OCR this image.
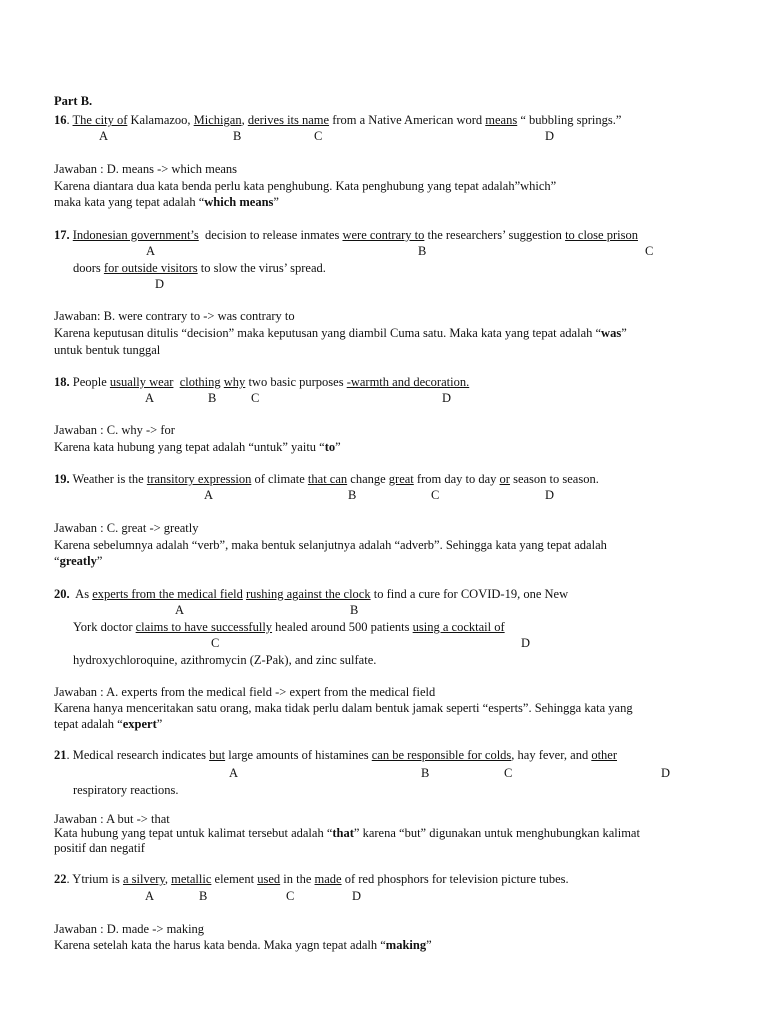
Part B.
16. The city of Kalamazoo, Michigan, derives its name from a Native American word means “ bubbling springs.”
A	B	C	D
Jawaban : D. means -> which means
Karena diantara dua kata benda perlu kata penghubung. Kata penghubung yang tepat adalah”which”
maka kata yang tepat adalah “which means”
17. Indonesian government’s  decision to release inmates were contrary to the researchers’ suggestion to close prison
A	B	C
doors for outside visitors to slow the virus’ spread.
D
Jawaban: B. were contrary to -> was contrary to
Karena keputusan ditulis “decision” maka keputusan yang diambil Cuma satu. Maka kata yang tepat adalah “was”
untuk bentuk tunggal
18. People usually wear clothing why two basic purposes -warmth and decoration.
A	B	C	D
Jawaban : C. why -> for
Karena kata hubung yang tepat adalah “untuk” yaitu “to”
19. Weather is the transitory expression of climate that can change great from day to day or season to season.
A	B	C	D
Jawaban : C. great -> greatly
Karena sebelumnya adalah “verb”, maka bentuk selanjutnya adalah “adverb”. Sehingga kata yang tepat adalah
“greatly”
20.  As experts from the medical field rushing against the clock to find a cure for COVID-19, one New
A	B
York doctor claims to have successfully healed around 500 patients using a cocktail of
C	D
hydroxychloroquine, azithromycin (Z-Pak), and zinc sulfate.
Jawaban : A. experts from the medical field -> expert from the medical field
Karena hanya menceritakan satu orang, maka tidak perlu dalam bentuk jamak seperti “esperts”. Sehingga kata yang
tepat adalah “expert”
21. Medical research indicates but large amounts of histamines can be responsible for colds, hay fever, and other
A	B	C	D
respiratory reactions.
Jawaban : A but -> that
Kata hubung yang tepat untuk kalimat tersebut adalah “that” karena “but” digunakan untuk menghubungkan kalimat
positif dan negatif
22. Ytrium is a silvery, metallic element used in the made of red phosphors for television picture tubes.
A	B	C	D
Jawaban : D. made -> making
Karena setelah kata the harus kata benda. Maka yagn tepat adalh “making”
